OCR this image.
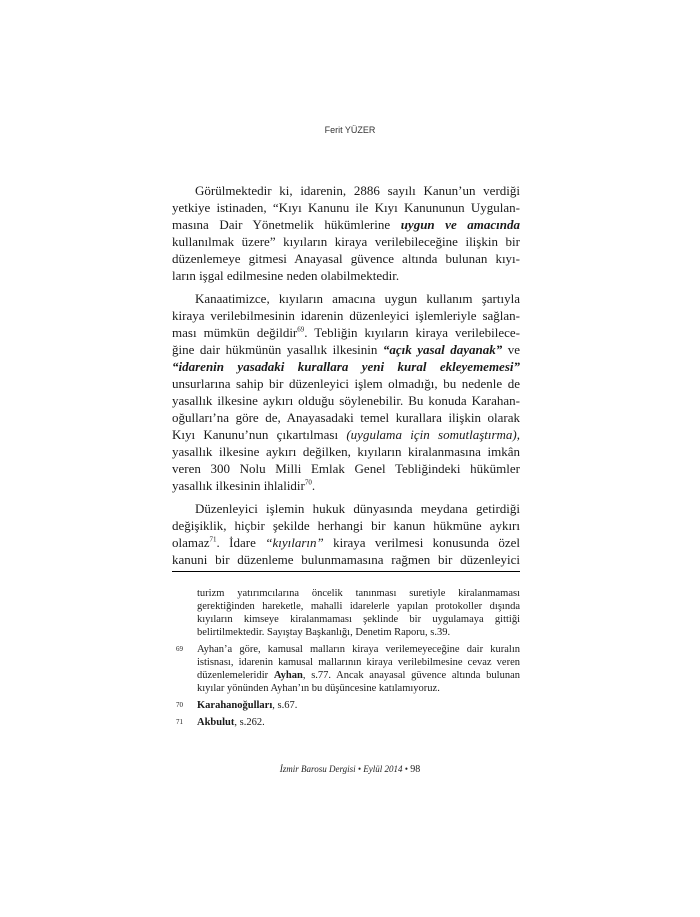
Ferit YÜZER
Görülmektedir ki, idarenin, 2886 sayılı Kanun’un verdiği
yetkiye istinaden, “Kıyı Kanunu ile Kıyı Kanununun Uygulan-
masına Dair Yönetmelik hükümlerine uygun ve amacında
kullanılmak üzere” kıyıların kiraya verilebileceğine ilişkin bir
düzenlemeye gitmesi Anayasal güvence altında bulunan kıyı-
ların işgal edilmesine neden olabilmektedir.
Kanaatimizce, kıyıların amacına uygun kullanım şartıyla
kiraya verilebilmesinin idarenin düzenleyici işlemleriyle sağlan-
ması mümkün değildir$^{69}$. Tebliğin kıyıların kiraya verilebilece-
ğine dair hükmünün yasallık ilkesinin “açık yasal dayanak” ve
“idarenin yasadaki kurallara yeni kural ekleyememesi”
unsurlarına sahip bir düzenleyici işlem olmadığı, bu nedenle de
yasallık ilkesine aykırı olduğu söylenebilir. Bu konuda Karahan-
oğulları’na göre de, Anayasadaki temel kurallara ilişkin olarak
Kıyı Kanunu’nun çıkartılması (uygulama için somutlaştırma),
yasallık ilkesine aykırı değilken, kıyıların kiralanmasına imkân
veren 300 Nolu Milli Emlak Genel Tebliğindeki hükümler
yasallık ilkesinin ihlalidir$^{70}$.
Düzenleyici işlemin hukuk dünyasında meydana getirdiği
değişiklik, hiçbir şekilde herhangi bir kanun hükmüne aykırı
olamaz$^{71}$. İdare “kıyıların” kiraya verilmesi konusunda özel
kanuni bir düzenleme bulunmamasına rağmen bir düzenleyici
turizm yatırımcılarına öncelik tanınması suretiyle kiralanmaması
gerektiğinden hareketle, mahalli idarelerle yapılan protokoller dışında
kıyıların kimseye kiralanmaması şeklinde bir uygulamaya gittiği
belirtilmektedir. Sayıştay Başkanlığı, Denetim Raporu, s.39.
69 Ayhan’a göre, kamusal malların kiraya verilemeyeceğine dair kuralın
istisnası, idarenin kamusal mallarının kiraya verilebilmesine cevaz veren
düzenlemeleridir Ayhan, s.77. Ancak anayasal güvence altında bulunan
kıyılar yönünden Ayhan’ın bu düşüncesine katılamıyoruz.
70 Karahanoğulları, s.67.
71 Akbulut, s.262.
İzmir Barosu Dergisi • Eylül 2014 • 98
